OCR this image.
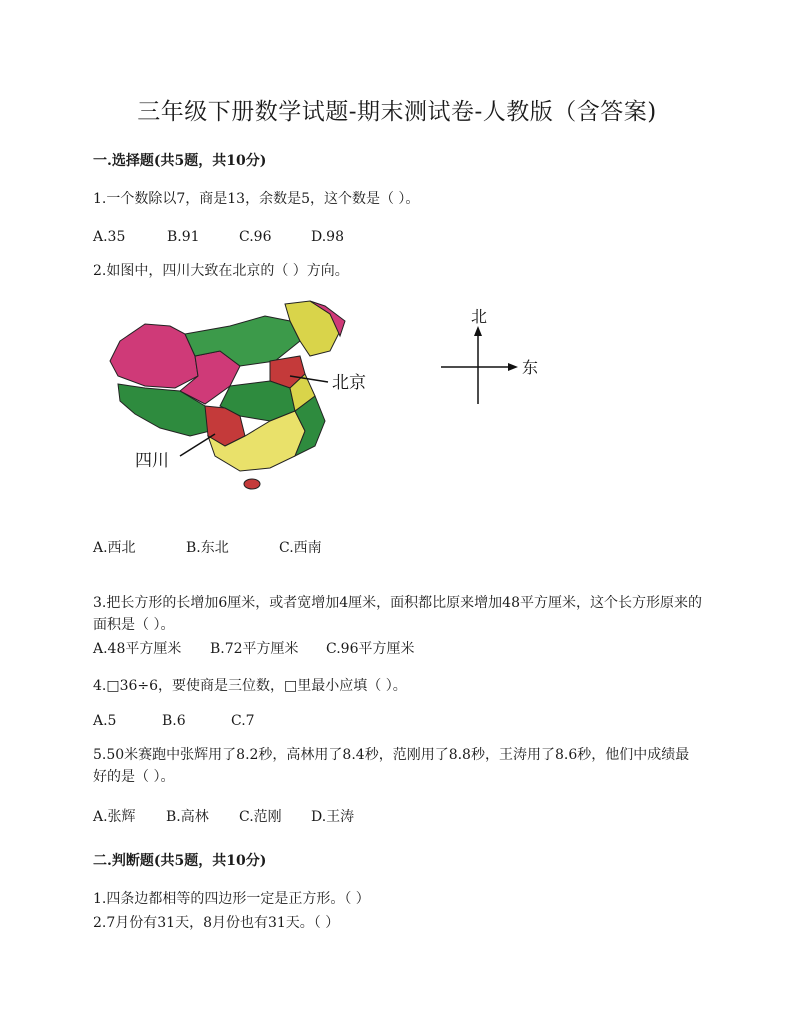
三年级下册数学试题-期末测试卷-人教版（含答案)
一.选择题(共5题，共10分)
1.一个数除以7，商是13，余数是5，这个数是（ ）。
A.35	B.91	C.96	D.98
2.如图中，四川大致在北京的（ ）方向。
北京
四川
北
东
A.西北	B.东北	C.西南
3.把长方形的长增加6厘米，或者宽增加4厘米，面积都比原来增加48平方厘米，这个长方形原来的面积是（ ）。
A.48平方厘米 B.72平方厘米 C.96平方厘米
4.□36÷6，要使商是三位数，□里最小应填（ ）。
A.5	B.6	C.7
5.50米赛跑中张辉用了8.2秒，高林用了8.4秒，范刚用了8.8秒，王涛用了8.6秒，他们中成绩最好的是（ ）。
A.张辉 B.高林 C.范刚 D.王涛
二.判断题(共5题，共10分)
1.四条边都相等的四边形一定是正方形。（ ）
2.7月份有31天，8月份也有31天。（ ）
